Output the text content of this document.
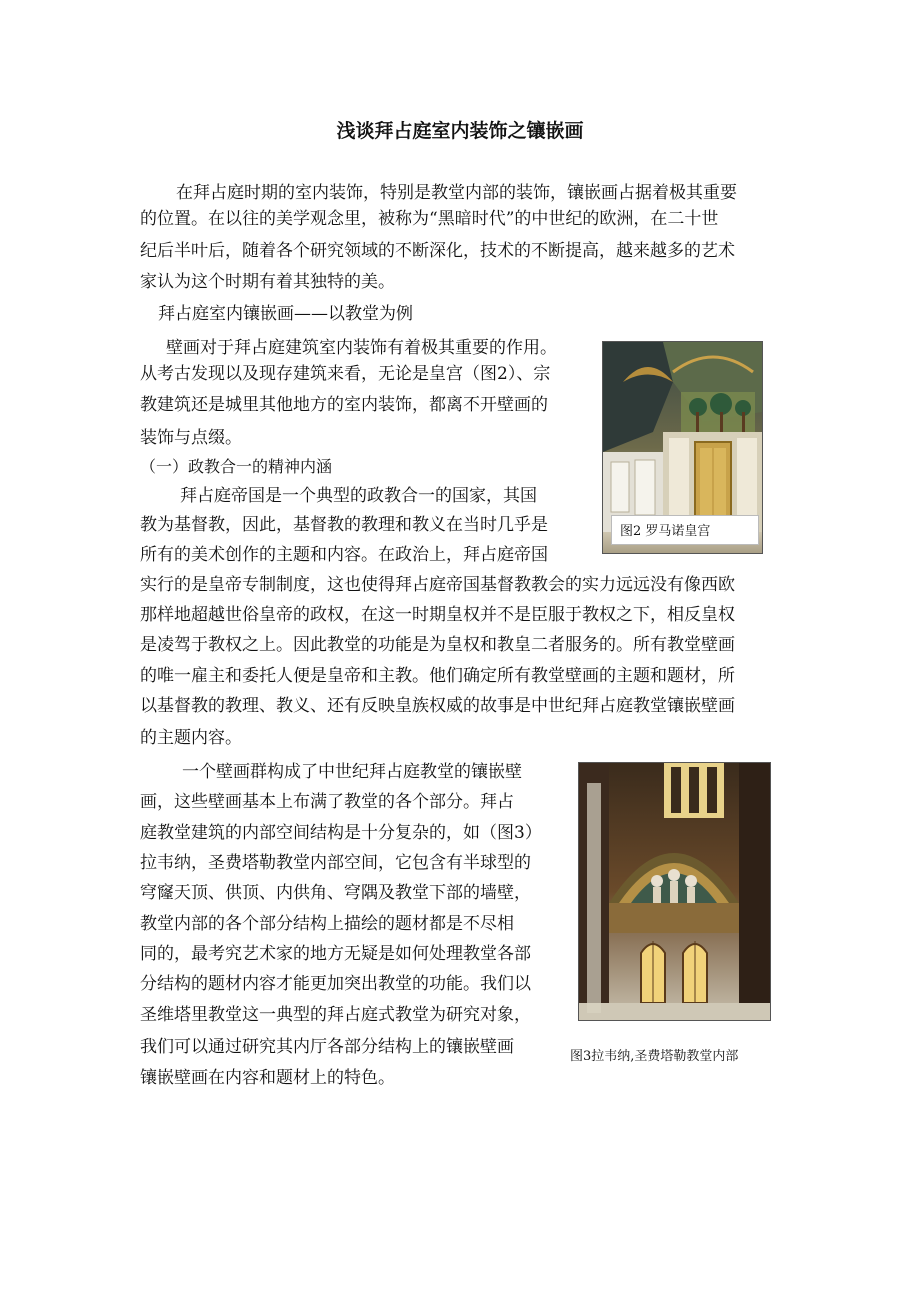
浅谈拜占庭室内装饰之镶嵌画
在拜占庭时期的室内装饰，特别是教堂内部的装饰，镶嵌画占据着极其重要
的位置。在以往的美学观念里，被称为“黑暗时代”的中世纪的欧洲，在二十世
纪后半叶后，随着各个研究领域的不断深化，技术的不断提高，越来越多的艺术
家认为这个时期有着其独特的美。
拜占庭室内镶嵌画——以教堂为例
壁画对于拜占庭建筑室内装饰有着极其重要的作用。
从考古发现以及现存建筑来看，无论是皇宫（图2）、宗
教建筑还是城里其他地方的室内装饰，都离不开壁画的
装饰与点缀。
（一）政教合一的精神内涵
拜占庭帝国是一个典型的政教合一的国家，其国
教为基督教，因此，基督教的教理和教义在当时几乎是
所有的美术创作的主题和内容。在政治上，拜占庭帝国
实行的是皇帝专制制度，这也使得拜占庭帝国基督教教会的实力远远没有像西欧
那样地超越世俗皇帝的政权，在这一时期皇权并不是臣服于教权之下，相反皇权
是凌驾于教权之上。因此教堂的功能是为皇权和教皇二者服务的。所有教堂壁画
的唯一雇主和委托人便是皇帝和主教。他们确定所有教堂壁画的主题和题材，所
以基督教的教理、教义、还有反映皇族权威的故事是中世纪拜占庭教堂镶嵌壁画
的主题内容。
一个壁画群构成了中世纪拜占庭教堂的镶嵌壁
画，这些壁画基本上布满了教堂的各个部分。拜占
庭教堂建筑的内部空间结构是十分复杂的，如（图3）
拉韦纳，圣费塔勒教堂内部空间，它包含有半球型的
穹窿天顶、供顶、内供角、穹隅及教堂下部的墙壁，
教堂内部的各个部分结构上描绘的题材都是不尽相
同的，最考究艺术家的地方无疑是如何处理教堂各部
分结构的题材内容才能更加突出教堂的功能。我们以
圣维塔里教堂这一典型的拜占庭式教堂为研究对象，
我们可以通过研究其内厅各部分结构上的镶嵌壁画
镶嵌壁画在内容和题材上的特色。
图2 罗马诺皇宫
图3拉韦纳,圣费塔勒教堂内部
